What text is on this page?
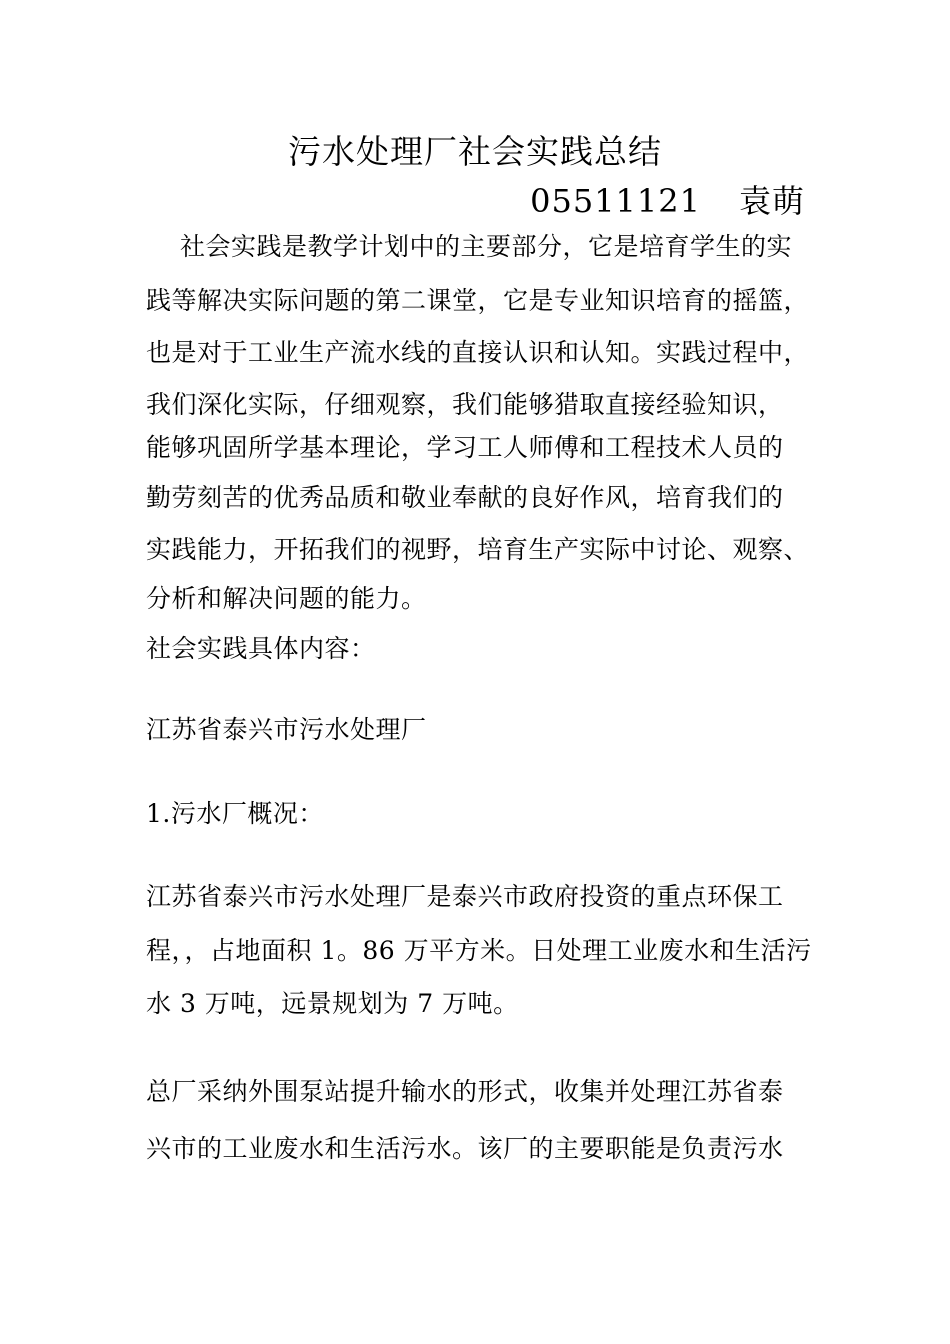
污水处理厂社会实践总结
05511121 袁萌
社会实践是教学计划中的主要部分，它是培育学生的实
践等解决实际问题的第二课堂，它是专业知识培育的摇篮，
也是对于工业生产流水线的直接认识和认知。实践过程中，
我们深化实际，仔细观察，我们能够猎取直接经验知识，
能够巩固所学基本理论，学习工人师傅和工程技术人员的
勤劳刻苦的优秀品质和敬业奉献的良好作风，培育我们的
实践能力，开拓我们的视野，培育生产实际中讨论、观察、
分析和解决问题的能力。
社会实践具体内容：
江苏省泰兴市污水处理厂
1.污水厂概况：
江苏省泰兴市污水处理厂是泰兴市政府投资的重点环保工
程，，占地面积 1。86 万平方米。日处理工业废水和生活污
水 3 万吨，远景规划为 7 万吨。
总厂采纳外围泵站提升输水的形式，收集并处理江苏省泰
兴市的工业废水和生活污水。该厂的主要职能是负责污水
